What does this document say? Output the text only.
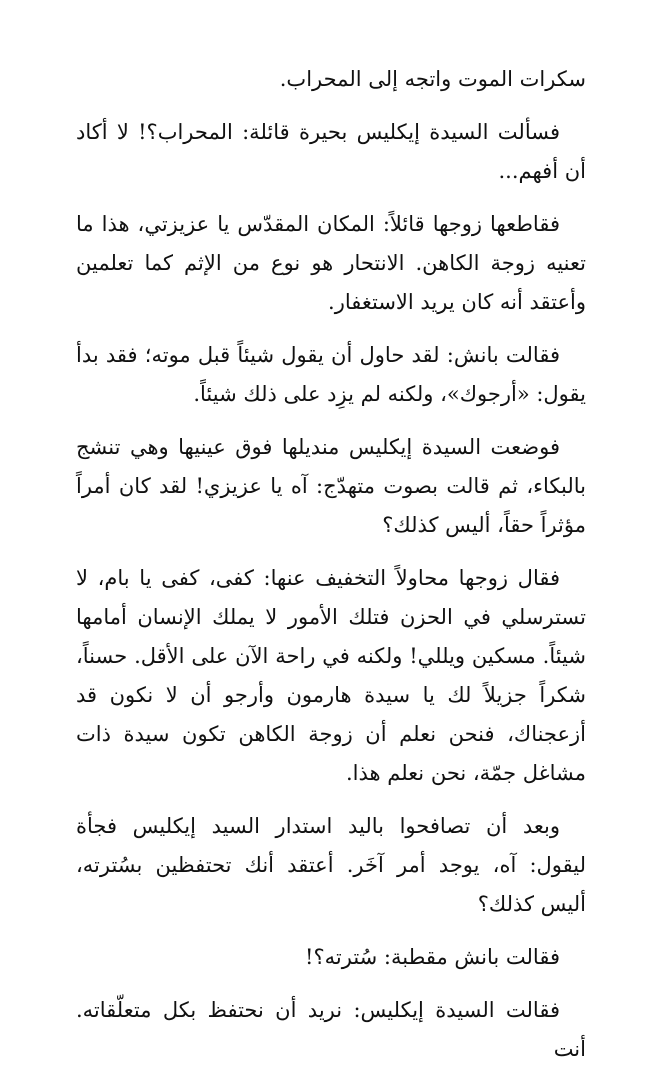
سكرات الموت واتجه إلى المحراب.

فسألت السيدة إيكليس بحيرة قائلة: المحراب؟! لا أكاد أن أفهم...

فقاطعها زوجها قائلاً: المكان المقدّس يا عزيزتي، هذا ما تعنيه زوجة الكاهن. الانتحار هو نوع من الإثم كما تعلمين وأعتقد أنه كان يريد الاستغفار.

فقالت بانش: لقد حاول أن يقول شيئاً قبل موته؛ فقد بدأ يقول: «أرجوك»، ولكنه لم يزِد على ذلك شيئاً.

فوضعت السيدة إيكليس منديلها فوق عينيها وهي تنشج بالبكاء، ثم قالت بصوت متهدّج: آه يا عزيزي! لقد كان أمراً مؤثراً حقاً، أليس كذلك؟

فقال زوجها محاولاً التخفيف عنها: كفى، كفى يا بام، لا تسترسلي في الحزن فتلك الأمور لا يملك الإنسان أمامها شيئاً. مسكين ويللي! ولكنه في راحة الآن على الأقل. حسناً، شكراً جزيلاً لك يا سيدة هارمون وأرجو أن لا نكون قد أزعجناك، فنحن نعلم أن زوجة الكاهن تكون سيدة ذات مشاغل جمّة، نحن نعلم هذا.

وبعد أن تصافحوا باليد استدار السيد إيكليس فجأة ليقول: آه، يوجد أمر آخَر. أعتقد أنك تحتفظين بسُترته، أليس كذلك؟

فقالت بانش مقطبة: سُترته؟!

فقالت السيدة إيكليس: نريد أن نحتفظ بكل متعلّقاته. أنت
